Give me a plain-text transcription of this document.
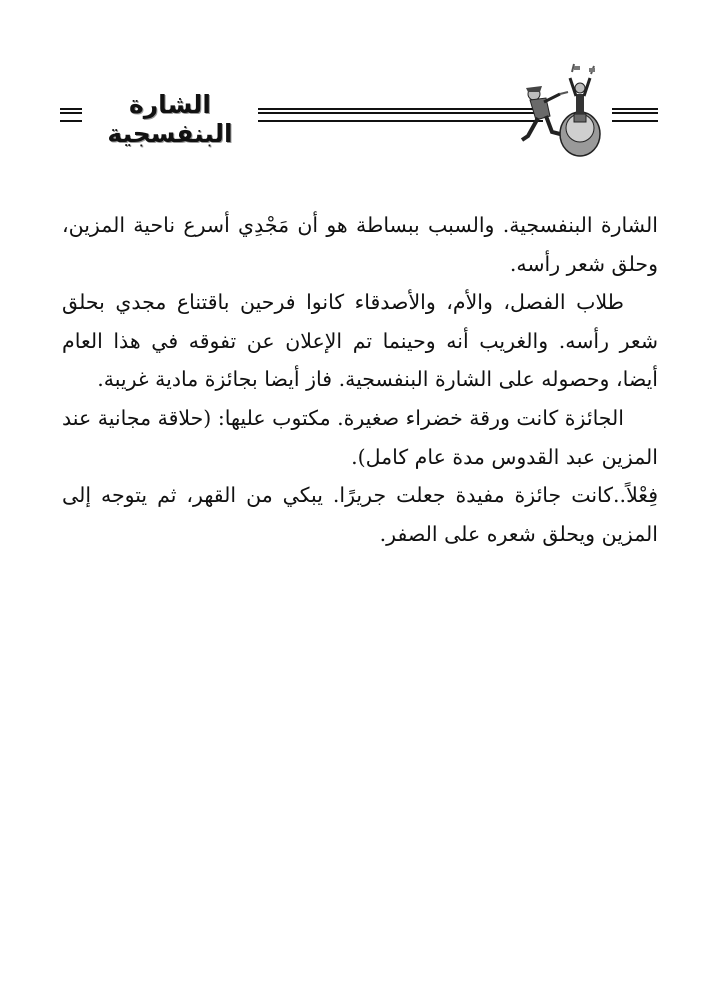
الشارة البنفسجية

الشارة البنفسجية. والسبب ببساطة هو أن مَجْدِي أسرع ناحية المزين، وحلق شعر رأسه.

طلاب الفصل، والأم، والأصدقاء كانوا فرحين باقتناع مجدي بحلق شعر رأسه. والغريب أنه وحينما تم الإعلان عن تفوقه في هذا العام أيضا، وحصوله على الشارة البنفسجية. فاز أيضا بجائزة مادية غريبة.

الجائزة كانت ورقة خضراء صغيرة. مكتوب عليها: (حلاقة مجانية عند المزين عبد القدوس مدة عام كامل).

فِعْلاً..كانت جائزة مفيدة جعلت جريرًا. يبكي من القهر، ثم يتوجه إلى المزين ويحلق شعره على الصفر.
